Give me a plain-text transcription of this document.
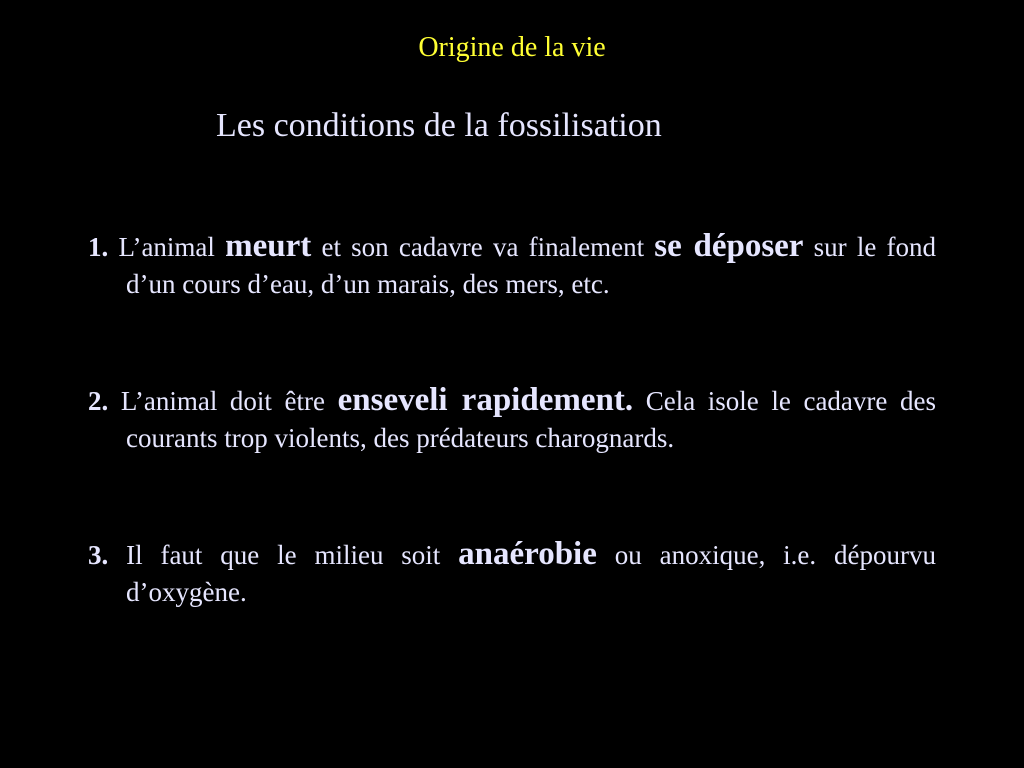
Origine de la vie
Les conditions de la fossilisation

1. L’animal meurt et son cadavre va finalement se déposer sur le fond d’un cours d’eau, d’un marais, des mers, etc.

2. L’animal doit être enseveli rapidement. Cela isole le cadavre des courants trop violents, des prédateurs charognards.

3. Il faut que le milieu soit anaérobie ou anoxique, i.e. dépourvu d’oxygène.
